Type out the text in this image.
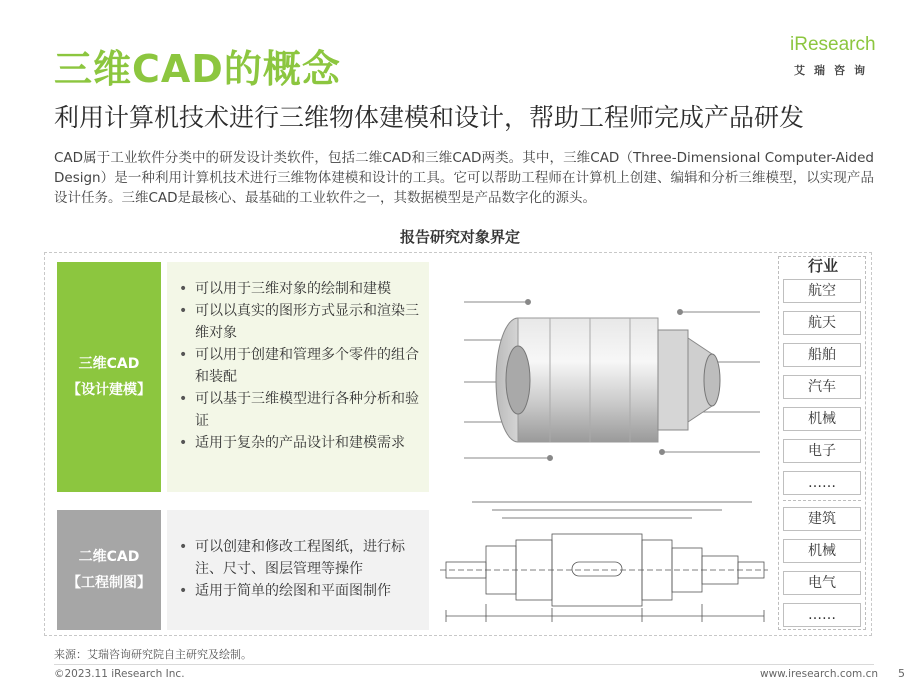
三维CAD的概念
iResearch
艾瑞咨询
利用计算机技术进行三维物体建模和设计，帮助工程师完成产品研发
CAD属于工业软件分类中的研发设计类软件，包括二维CAD和三维CAD两类。其中，三维CAD（Three-Dimensional Computer-Aided Design）是一种利用计算机技术进行三维物体建模和设计的工具。它可以帮助工程师在计算机上创建、编辑和分析三维模型，以实现产品设计任务。三维CAD是最核心、最基础的工业软件之一，其数据模型是产品数字化的源头。
报告研究对象界定
三维CAD
【设计建模】
• 可以用于三维对象的绘制和建模
• 可以以真实的图形方式显示和渲染三维对象
• 可以用于创建和管理多个零件的组合和装配
• 可以基于三维模型进行各种分析和验证
• 适用于复杂的产品设计和建模需求
二维CAD
【工程制图】
• 可以创建和修改工程图纸，进行标注、尺寸、图层管理等操作
• 适用于简单的绘图和平面图制作
行业
航空
航天
船舶
汽车
机械
电子
……
建筑
机械
电气
……
来源：艾瑞咨询研究院自主研究及绘制。
©2023.11 iResearch Inc.	www.iresearch.com.cn 5
